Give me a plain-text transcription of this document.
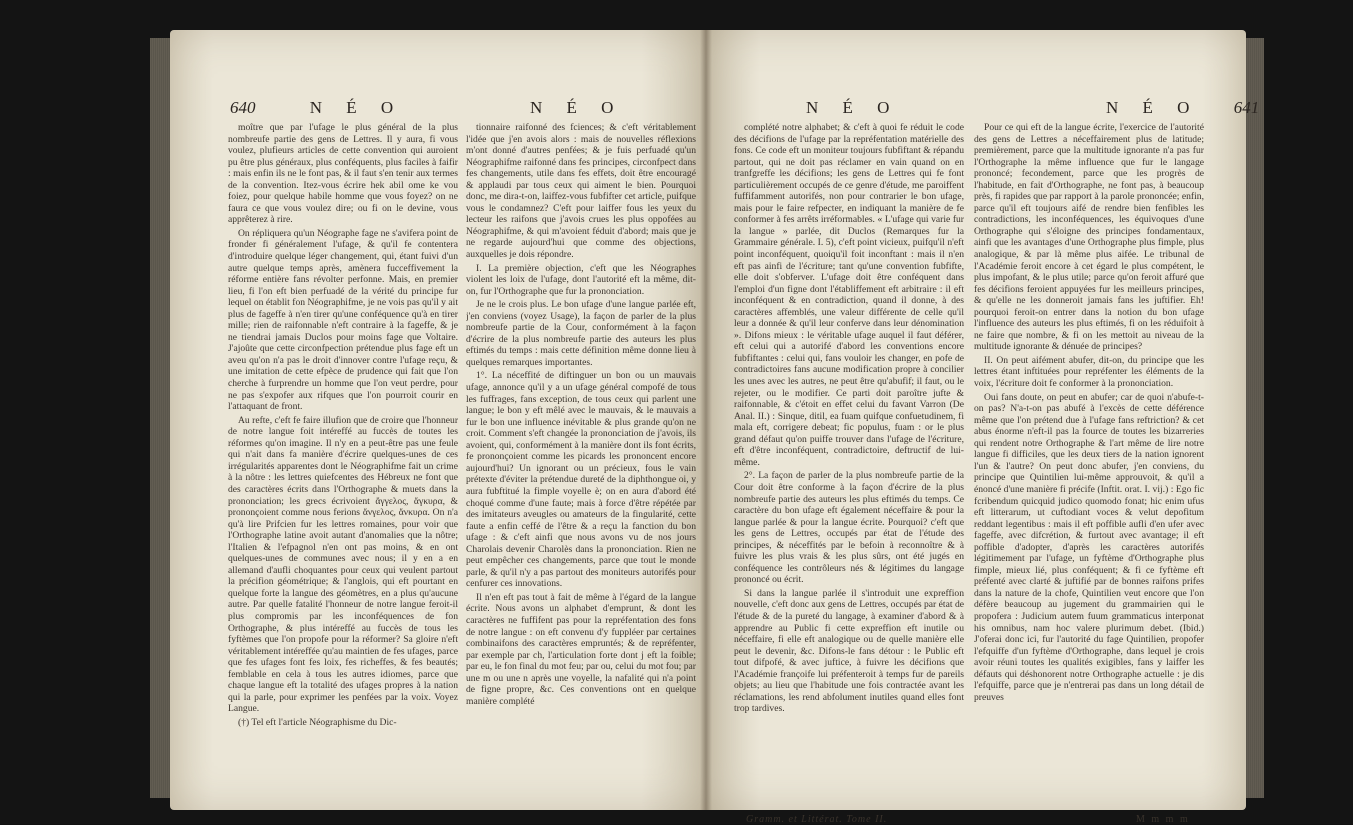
640	N É O	N É O

moître que par l'ufage le plus général de la plus nombreufe partie des gens de Lettres. Il y aura, fi vous voulez, plufieurs articles de cette convention qui auroient pu être plus généraux, plus conféquents, plus faciles à faifir : mais enfin ils ne le font pas, & il faut s'en tenir aux termes de la convention. Itez-vous écrire hek abil ome ke vou foiez, pour quelque habile homme que vous foyez? on ne faura ce que vous voulez dire; ou fi on le devine, vous apprêterez à rire.

On répliquera qu'un Néographe fage ne s'avifera point de fronder fi généralement l'ufage, & qu'il fe contentera d'introduire quelque léger changement, qui, étant fuivi d'un autre quelque temps après, amènera fucceffivement la réforme entière fans révolter perfonne. Mais, en premier lieu, fi l'on eft bien perfuadé de la vérité du principe fur lequel on établit fon Néographifme, je ne vois pas qu'il y ait plus de fageffe à n'en tirer qu'une conféquence qu'à en tirer mille; rien de raifonnable n'eft contraire à la fageffe, & je ne tiendrai jamais Duclos pour moins fage que Voltaire. J'ajoûte que cette circonfpection prétendue plus fage eft un aveu qu'on n'a pas le droit d'innover contre l'ufage reçu, & une imitation de cette efpèce de prudence qui fait que l'on cherche à furprendre un homme que l'on veut perdre, pour ne pas s'expofer aux rifques que l'on pourroit courir en l'attaquant de front.

Au refte, c'eft fe faire illufion que de croire que l'honneur de notre langue foit intéreffé au fuccès de toutes les réformes qu'on imagine. Il n'y en a peut-être pas une feule qui n'ait dans fa manière d'écrire quelques-unes de ces irrégularités apparentes dont le Néographifme fait un crime à la nôtre : les lettres quiefcentes des Hébreux ne font que des caractères écrits dans l'Orthographe & muets dans la prononciation; les grecs écrivoient ἄγγελος, ἄγκυρα, & prononçoient comme nous ferions ἄνγελος, ἄνκυρα. On n'a qu'à lire Prifcien fur les lettres romaines, pour voir que l'Orthographe latine avoit autant d'anomalies que la nôtre; l'Italien & l'efpagnol n'en ont pas moins, & en ont quelques-unes de communes avec nous; il y en a en allemand d'aufli choquantes pour ceux qui veulent partout la précifion géométrique; & l'anglois, qui eft pourtant en quelque forte la langue des géomètres, en a plus qu'aucune autre. Par quelle fatalité l'honneur de notre langue feroit-il plus compromis par les inconféquences de fon Orthographe, & plus intéreffé au fuccès de tous les fyftèmes que l'on propofe pour la réformer? Sa gloire n'eft véritablement intéreffée qu'au maintien de fes ufages, parce que fes ufages font fes loix, fes richeffes, & fes beautés; femblable en cela à tous les autres idiomes, parce que chaque langue eft la totalité des ufages propres à la nation qui la parle, pour exprimer les penfées par la voix. Voyez Langue.

(†) Tel eft l'article Néographisme du Dic-

tionnaire raifonné des fciences; & c'eft véritablement l'idée que j'en avois alors : mais de nouvelles réflexions m'ont donné d'autres penfées; & je fuis perfuadé qu'un Néographifme raifonné dans fes principes, circonfpect dans fes changements, utile dans fes effets, doit être encouragé & applaudi par tous ceux qui aiment le bien. Pourquoi donc, me dira-t-on, laiffez-vous fubfifter cet article, puifque vous le condamnez? C'eft pour laiffer fous les yeux du lecteur les raifons que j'avois crues les plus oppofées au Néographifme, & qui m'avoient féduit d'abord; mais que je ne regarde aujourd'hui que comme des objections, auxquelles je dois répondre.

I. La première objection, c'eft que les Néographes violent les loix de l'ufage, dont l'autorité eft la même, dit-on, fur l'Orthographe que fur la prononciation.

Je ne le crois plus. Le bon ufage d'une langue parlée eft, j'en conviens (voyez Usage), la façon de parler de la plus nombreufe partie de la Cour, conformément à la façon d'écrire de la plus nombreufe partie des auteurs les plus eftimés du temps : mais cette définition même donne lieu à quelques remarques importantes.

1°. La néceffité de diftinguer un bon ou un mauvais ufage, annonce qu'il y a un ufage général compofé de tous les fuffrages, fans exception, de tous ceux qui parlent une langue; le bon y eft mêlé avec le mauvais, & le mauvais a fur le bon une influence inévitable & plus grande qu'on ne croit. Comment s'eft changée la prononciation de j'avois, ils avoient, qui, conformément à la manière dont ils font écrits, fe prononçoient comme les picards les prononcent encore aujourd'hui? Un ignorant ou un précieux, fous le vain prétexte d'éviter la prétendue dureté de la diphthongue oi, y aura fubftitué la fimple voyelle è; on en aura d'abord été choqué comme d'une faute; mais à force d'être répétée par des imitateurs aveugles ou amateurs de la fingularité, cette faute a enfin ceffé de l'être & a reçu la fanction du bon ufage : & c'eft ainfi que nous avons vu de nos jours Charolais devenir Charolès dans la prononciation. Rien ne peut empêcher ces changements, parce que tout le monde parle, & qu'il n'y a pas partout des moniteurs autorifés pour cenfurer ces innovations.

Il n'en eft pas tout à fait de même à l'égard de la langue écrite. Nous avons un alphabet d'emprunt, & dont les caractères ne fuffifent pas pour la repréfentation des fons de notre langue : on eft convenu d'y fuppléer par certaines combinaifons des caractères empruntés; & de repréfenter, par exemple par ch, l'articulation forte dont j eft la foible; par eu, le fon final du mot feu; par ou, celui du mot fou; par une m ou une n après une voyelle, la nafalité qui n'a point de figne propre, &c. Ces conventions ont en quelque manière complété

N É O	N É O 641

complété notre alphabet; & c'eft à quoi fe réduit le code des décifions de l'ufage par la repréfentation matérielle des fons. Ce code eft un moniteur toujours fubfiftant & répandu partout, qui ne doit pas réclamer en vain quand on en tranfgreffe les décifions; les gens de Lettres qui fe font particulièrement occupés de ce genre d'étude, me paroiffent fuffifamment autorifés, non pour contrarier le bon ufage, mais pour le faire refpecter, en indiquant la manière de fe conformer à fes arrêts irréformables. « L'ufage qui varie fur la langue » parlée, dit Duclos (Remarques fur la Grammaire générale. I. 5), c'eft point vicieux, puifqu'il n'eft point inconféquent, quoiqu'il foit inconftant : mais il n'en eft pas ainfi de l'écriture; tant qu'une convention fubfifte, elle doit s'obferver. L'ufage doit être conféquent dans l'emploi d'un figne dont l'établiffement eft arbitraire : il eft inconféquent & en contradiction, quand il donne, à des caractères affemblés, une valeur différente de celle qu'il leur a donnée & qu'il leur conferve dans leur dénomination ». Difons mieux : le véritable ufage auquel il faut déférer, eft celui qui a autorifé d'abord les conventions encore fubfiftantes : celui qui, fans vouloir les changer, en pofe de contradictoires fans aucune modification propre à concilier les unes avec les autres, ne peut être qu'abufif; il faut, ou le rejeter, ou le modifier. Ce parti doit paroître jufte & raifonnable, & c'étoit en effet celui du favant Varron (De Anal. II.) : Sinque, ditil, ea fuam quifque confuetudinem, fi mala eft, corrigere debeat; fic populus, fuam : or le plus grand défaut qu'on puiffe trouver dans l'ufage de l'écriture, eft d'être inconféquent, contradictoire, deftructif de lui-même.

2°. La façon de parler de la plus nombreufe partie de la Cour doit être conforme à la façon d'écrire de la plus nombreufe partie des auteurs les plus eftimés du temps. Ce caractère du bon ufage eft également néceffaire & pour la langue parlée & pour la langue écrite. Pourquoi? c'eft que les gens de Lettres, occupés par état de l'étude des principes, & néceffités par le befoin à reconnoître & à fuivre les plus vrais & les plus sûrs, ont été jugés en conféquence les contrôleurs nés & légitimes du langage prononcé ou écrit.

Si dans la langue parlée il s'introduit une expreffion nouvelle, c'eft donc aux gens de Lettres, occupés par état de l'étude & de la pureté du langage, à examiner d'abord & à apprendre au Public fi cette expreffion eft inutile ou néceffaire, fi elle eft analogique ou de quelle manière elle peut le devenir, &c. Difons-le fans détour : le Public eft tout difpofé, & avec juftice, à fuivre les décifions que l'Académie françoife lui préfenteroit à temps fur de pareils objets; au lieu que l'habitude une fois contractée avant les réclamations, les rend abfolument inutiles quand elles font trop tardives.

Pour ce qui eft de la langue écrite, l'exercice de l'autorité des gens de Lettres a néceffairement plus de latitude; premièrement, parce que la multitude ignorante n'a pas fur l'Orthographe la même influence que fur le langage prononcé; fecondement, parce que les progrès de l'habitude, en fait d'Orthographe, ne font pas, à beaucoup près, fi rapides que par rapport à la parole prononcée; enfin, parce qu'il eft toujours aifé de rendre bien fenfibles les contradictions, les inconféquences, les équivoques d'une Orthographe qui s'éloigne des principes fondamentaux, ainfi que les avantages d'une Orthographe plus fimple, plus analogique, & par là même plus aifée. Le tribunal de l'Académie feroit encore à cet égard le plus compétent, le plus impofant, & le plus utile; parce qu'on feroit affuré que fes décifions feroient appuyées fur les meilleurs principes, & qu'elle ne les donneroit jamais fans les juftifier. Eh! pourquoi feroit-on entrer dans la notion du bon ufage l'influence des auteurs les plus eftimés, fi on les réduifoit à ne faire que nombre, & fi on les mettoit au niveau de la multitude ignorante & dénuée de principes?

II. On peut aifément abufer, dit-on, du principe que les lettres étant inftituées pour repréfenter les éléments de la voix, l'écriture doit fe conformer à la prononciation.

Oui fans doute, on peut en abufer; car de quoi n'abufe-t-on pas? N'a-t-on pas abufé à l'excès de cette déférence même que l'on prétend due à l'ufage fans reftriction? & cet abus énorme n'eft-il pas la fource de toutes les bizarreries qui rendent notre Orthographe & l'art même de lire notre langue fi difficiles, que les deux tiers de la nation ignorent l'un & l'autre? On peut donc abufer, j'en conviens, du principe que Quintilien lui-même approuvoit, & qu'il a énoncé d'une manière fi précife (Inftit. orat. I. vij.) : Ego fic fcribendum quicquid judico quomodo fonat; hic enim ufus eft litterarum, ut cuftodiant voces & velut depofitum reddant legentibus : mais il eft poffible aufli d'en ufer avec fageffe, avec difcrétion, & furtout avec avantage; il eft poffible d'adopter, d'après les caractères autorifés légitimement par l'ufage, un fyftème d'Orthographe plus fimple, mieux lié, plus conféquent; & fi ce fyftème eft préfenté avec clarté & juftifié par de bonnes raifons prifes dans la nature de la chofe, Quintilien veut encore que l'on défère beaucoup au jugement du grammairien qui le propofera : Judicium autem fuum grammaticus interponat his omnibus, nam hoc valere plurimum debet. (Ibid.) J'oferai donc ici, fur l'autorité du fage Quintilien, propofer l'efquiffe d'un fyftème d'Orthographe, dans lequel je crois avoir réuni toutes les qualités exigibles, fans y laiffer les défauts qui déshonorent notre Orthographe actuelle : je dis l'efquiffe, parce que je n'entrerai pas dans un long détail de preuves

Gramm. et Littérat. Tome II.	M m m m
